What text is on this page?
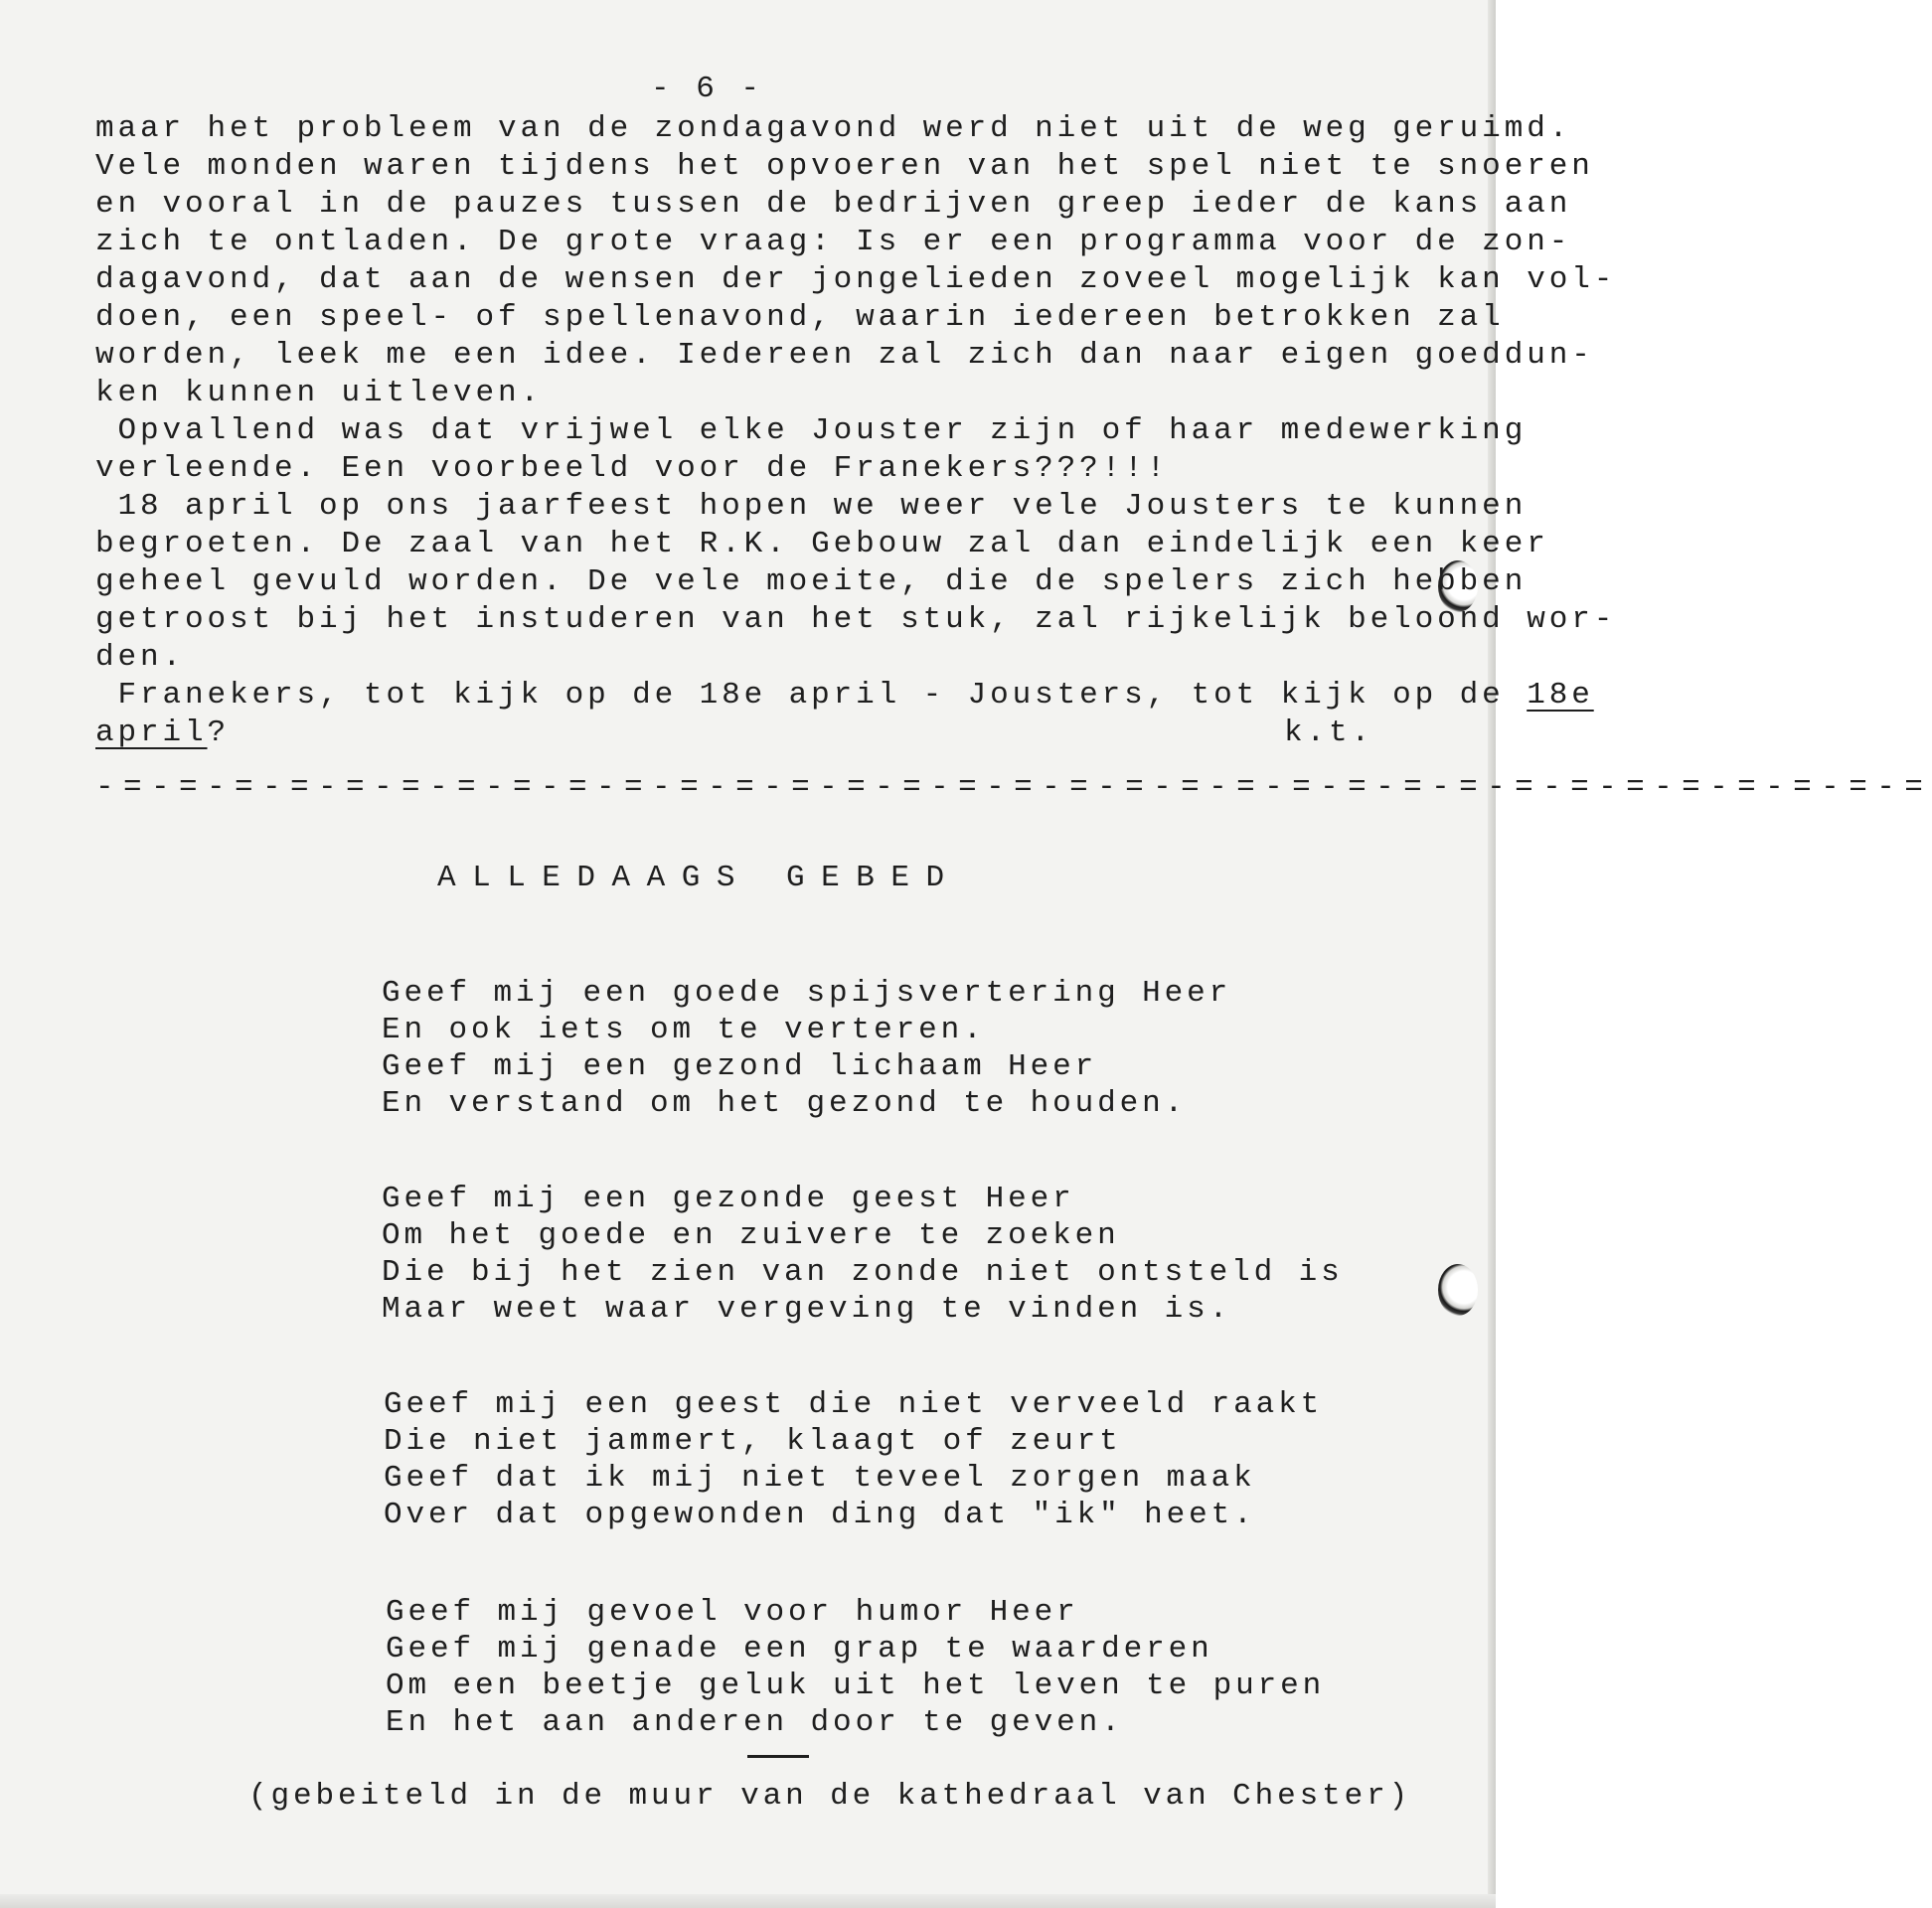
- 6 -

maar het probleem van de zondagavond werd niet uit de weg geruimd.

Vele monden waren tijdens het opvoeren van het spel niet te snoeren

en vooral in de pauzes tussen de bedrijven greep ieder de kans aan

zich te ontladen. De grote vraag: Is er een programma voor de zon-

dagavond, dat aan de wensen der jongelieden zoveel mogelijk kan vol-

doen, een speel- of spellenavond, waarin iedereen betrokken zal

worden, leek me een idee. Iedereen zal zich dan naar eigen goeddun-

ken kunnen uitleven.

Opvallend was dat vrijwel elke Jouster zijn of haar medewerking

verleende. Een voorbeeld voor de Franekers???!!!

18 april op ons jaarfeest hopen we weer vele Jousters te kunnen

begroeten. De zaal van het R.K. Gebouw zal dan eindelijk een keer

geheel gevuld worden. De vele moeite, die de spelers zich hebben

getroost bij het instuderen van het stuk, zal rijkelijk beloond wor-

den.

Franekers, tot kijk op de 18e april - Jousters, tot kijk op de 18e

april?	k.t.

-=-=-=-=-=-=-=-=-=-=-=-=-=-=-=-=-=-=-=-=-=-=-=-=-=-=-=-=-=-=-=-=-=

ALLEDAAGS GEBED

Geef mij een goede spijsvertering Heer

En ook iets om te verteren.

Geef mij een gezond lichaam Heer

En verstand om het gezond te houden.

Geef mij een gezonde geest Heer

Om het goede en zuivere te zoeken

Die bij het zien van zonde niet ontsteld is

Maar weet waar vergeving te vinden is.

Geef mij een geest die niet verveeld raakt

Die niet jammert, klaagt of zeurt

Geef dat ik mij niet teveel zorgen maak

Over dat opgewonden ding dat "ik" heet.

Geef mij gevoel voor humor Heer

Geef mij genade een grap te waarderen

Om een beetje geluk uit het leven te puren

En het aan anderen door te geven.

(gebeiteld in de muur van de kathedraal van Chester)
